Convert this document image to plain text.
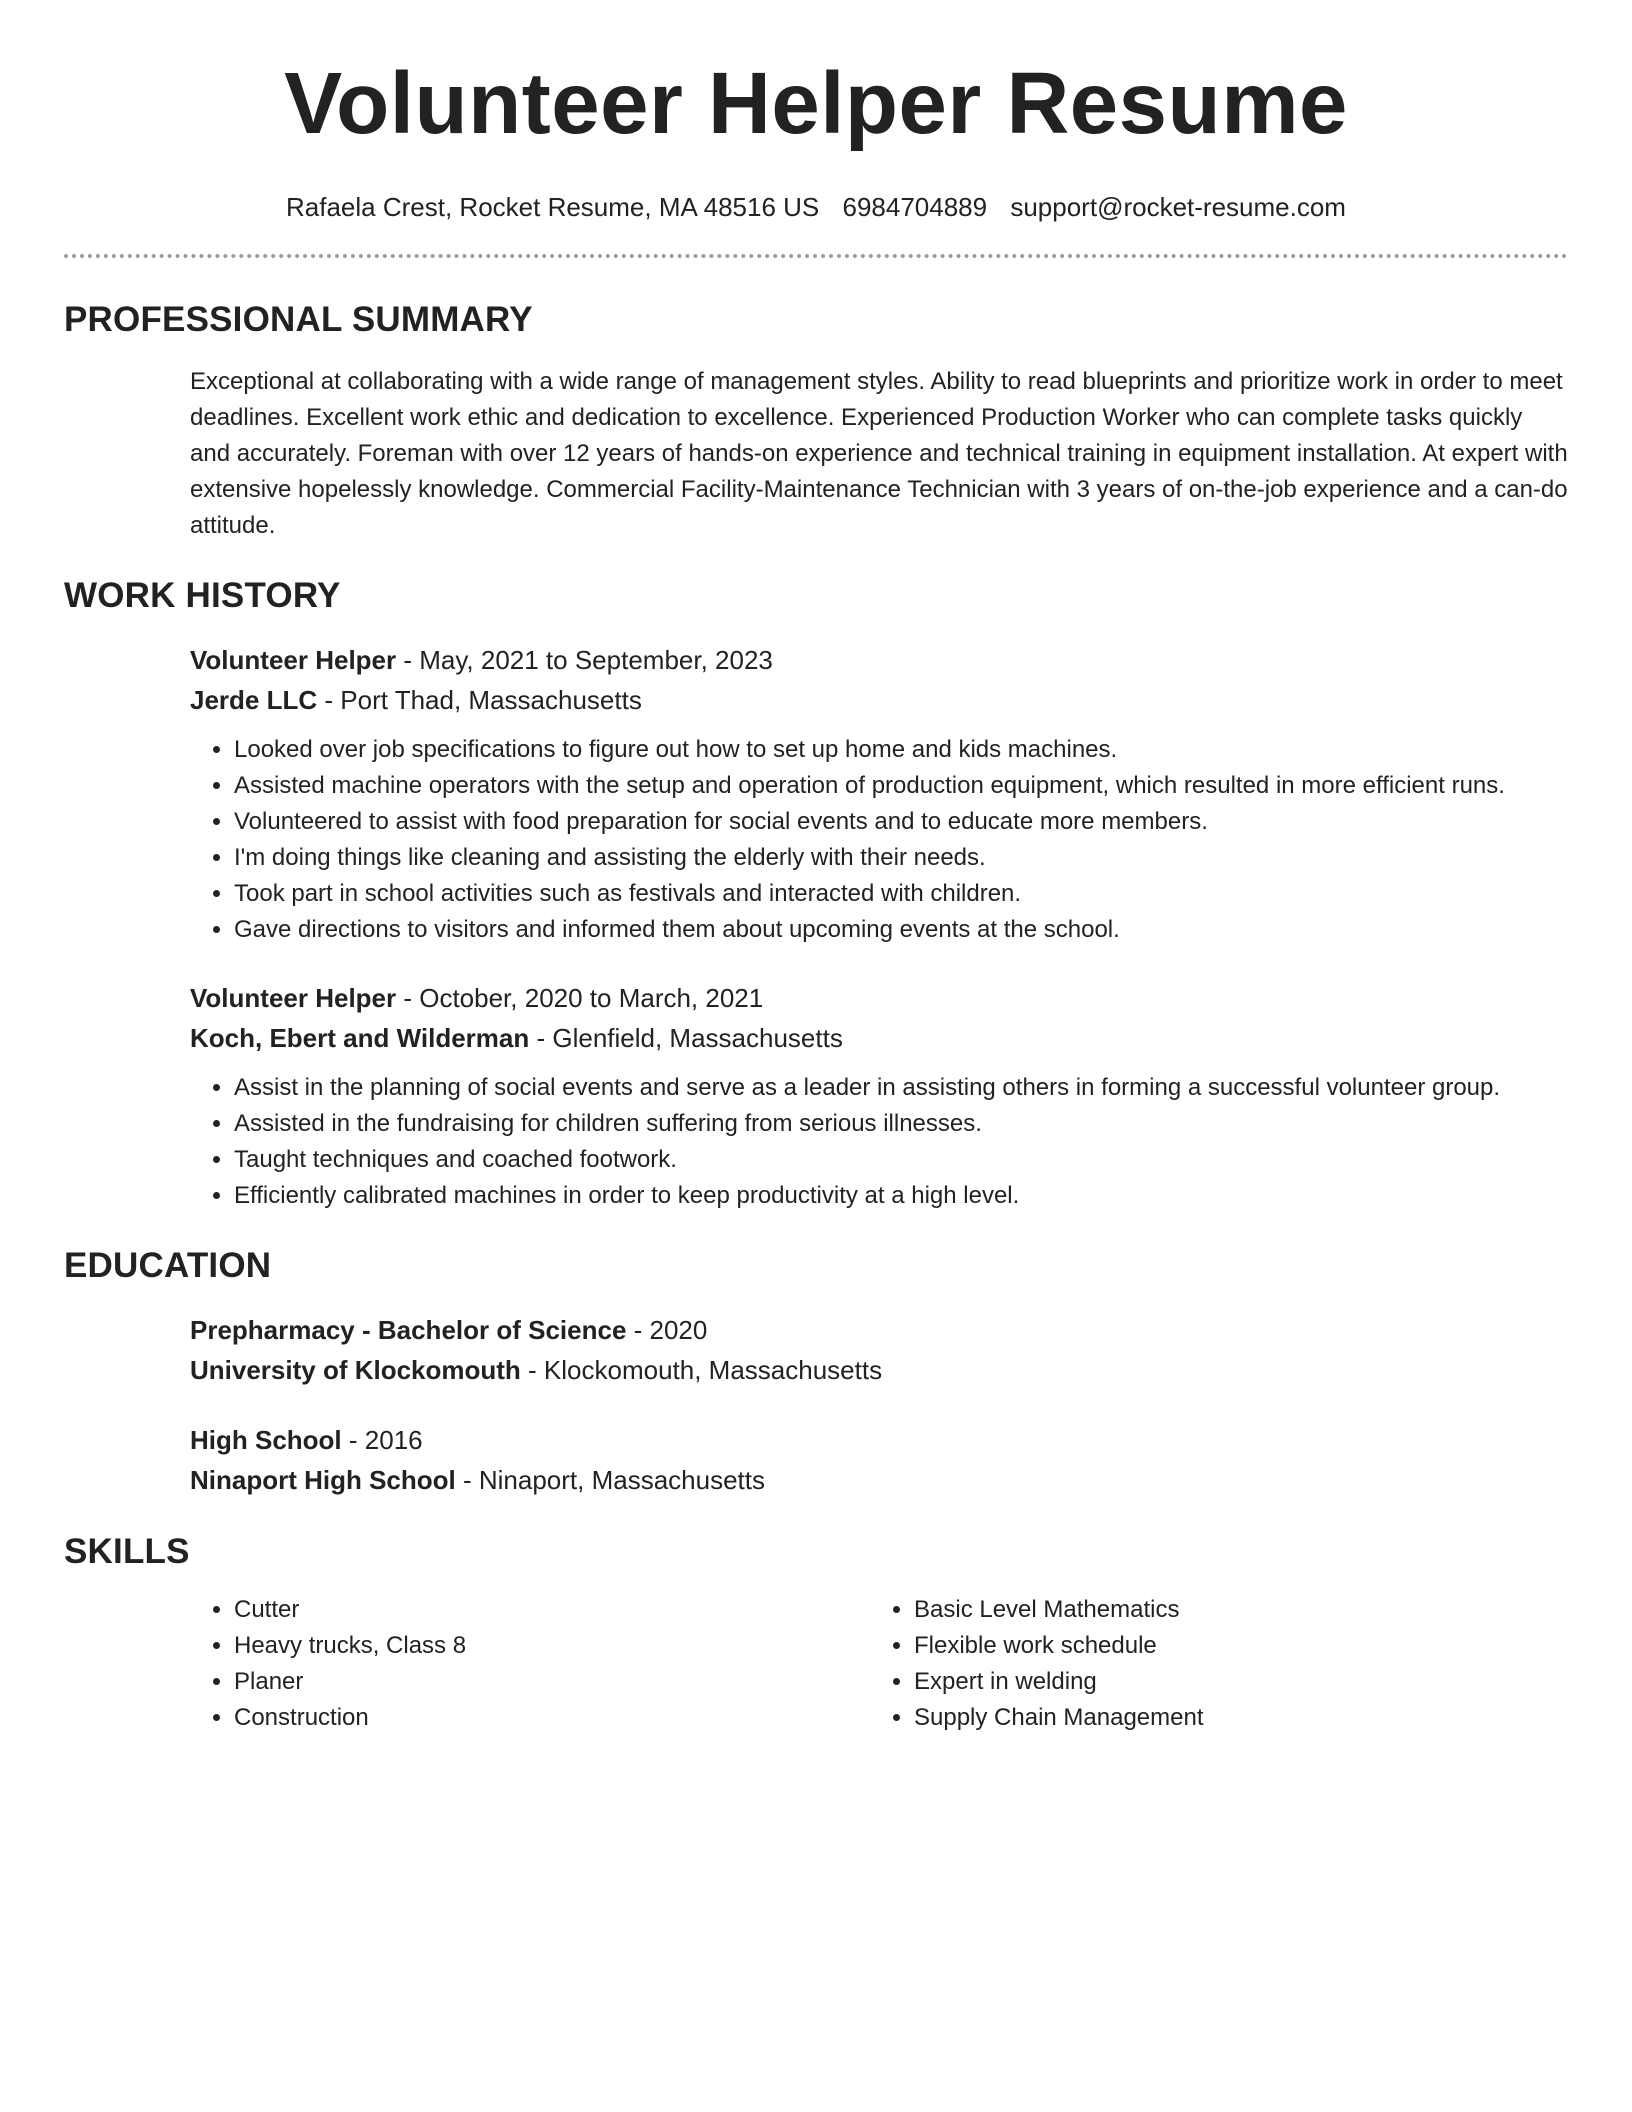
Volunteer Helper Resume
Rafaela Crest, Rocket Resume, MA 48516 US 6984704889 support@rocket-resume.com
PROFESSIONAL SUMMARY

Exceptional at collaborating with a wide range of management styles. Ability to read blueprints and prioritize work in order to meet deadlines. Excellent work ethic and dedication to excellence. Experienced Production Worker who can complete tasks quickly and accurately. Foreman with over 12 years of hands-on experience and technical training in equipment installation. At expert with extensive hopelessly knowledge. Commercial Facility-Maintenance Technician with 3 years of on-the-job experience and a can-do attitude.

WORK HISTORY
Volunteer Helper - May, 2021 to September, 2023
Jerde LLC - Port Thad, Massachusetts
• Looked over job specifications to figure out how to set up home and kids machines.
• Assisted machine operators with the setup and operation of production equipment, which resulted in more efficient runs.
• Volunteered to assist with food preparation for social events and to educate more members.
• I'm doing things like cleaning and assisting the elderly with their needs.
• Took part in school activities such as festivals and interacted with children.
• Gave directions to visitors and informed them about upcoming events at the school.
Volunteer Helper - October, 2020 to March, 2021
Koch, Ebert and Wilderman - Glenfield, Massachusetts
• Assist in the planning of social events and serve as a leader in assisting others in forming a successful volunteer group.
• Assisted in the fundraising for children suffering from serious illnesses.
• Taught techniques and coached footwork.
• Efficiently calibrated machines in order to keep productivity at a high level.
EDUCATION
Prepharmacy - Bachelor of Science - 2020
University of Klockomouth - Klockomouth, Massachusetts
High School - 2016
Ninaport High School - Ninaport, Massachusetts
SKILLS
• Cutter
• Heavy trucks, Class 8
• Planer
• Construction
• Basic Level Mathematics
• Flexible work schedule
• Expert in welding
• Supply Chain Management
